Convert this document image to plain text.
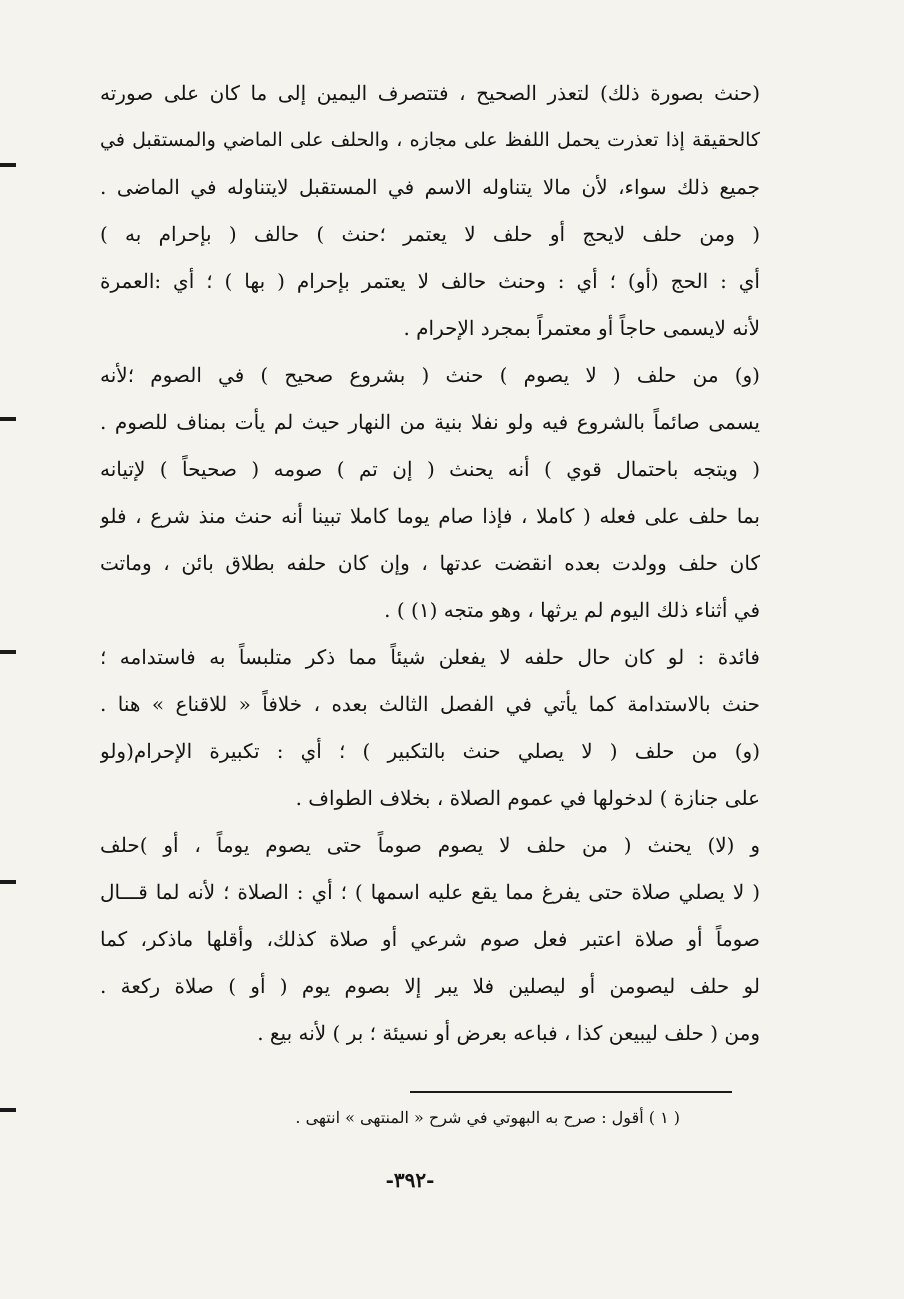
(حنث بصورة ذلك) لتعذر الصحيح ، فتتصرف اليمين إلى ما كان على صورته
كالحقيقة إذا تعذرت يحمل اللفظ على مجازه ، والحلف على الماضي والمستقبل في
جميع ذلك سواء، لأن مالا يتناوله الاسم في المستقبل لايتناوله في الماضى .
( ومن حلف لايحج أو حلف لا يعتمر ؛حنث ) حالف ( بإحرام به )
أي : الحج (أو) ؛ أي : وحنث حالف لا يعتمر بإحرام ( بها ) ؛ أي :العمرة
لأنه لايسمى حاجاً أو معتمراً بمجرد الإحرام .
(و) من حلف ( لا يصوم ) حنث ( بشروع صحيح ) في الصوم ؛لأنه
يسمى صائماً بالشروع فيه ولو نفلا بنية من النهار حيث لم يأت بمناف للصوم .
( ويتجه باحتمال قوي ) أنه يحنث ( إن تم ) صومه ( صحيحاً ) لإتيانه
بما حلف على فعله ( كاملا ، فإذا صام يوما كاملا تبينا أنه حنث منذ شرع ، فلو
كان حلف وولدت بعده انقضت عدتها ، وإن كان حلفه بطلاق بائن ، وماتت
في أثناء ذلك اليوم لم يرثها ، وهو متجه (١) ) .
فائدة : لو كان حال حلفه لا يفعلن شيئاً مما ذكر متلبساً به فاستدامه ؛
حنث بالاستدامة كما يأتي في الفصل الثالث بعده ، خلافاً « للاقناع » هنا .
(و) من حلف ( لا يصلي حنث بالتكبير ) ؛ أي : تكبيرة الإحرام(ولو
على جنازة ) لدخولها في عموم الصلاة ، بخلاف الطواف .
و (لا) يحنث ( من حلف لا يصوم صوماً حتى يصوم يوماً ، أو )حلف
( لا يصلي صلاة حتى يفرغ مما يقع عليه اسمها ) ؛ أي : الصلاة ؛ لأنه لما قـــال
صوماً أو صلاة اعتبر فعل صوم شرعي أو صلاة كذلك، وأقلها ماذكر، كما
لو حلف ليصومن أو ليصلين فلا يبر إلا بصوم يوم ( أو ) صلاة ركعة .
ومن ( حلف ليبيعن كذا ، فباعه بعرض أو نسيئة ؛ بر ) لأنه بيع .
( ١ ) أقول : صرح به البهوتي في شرح « المنتهى » انتهى .
-٣٩٢-
